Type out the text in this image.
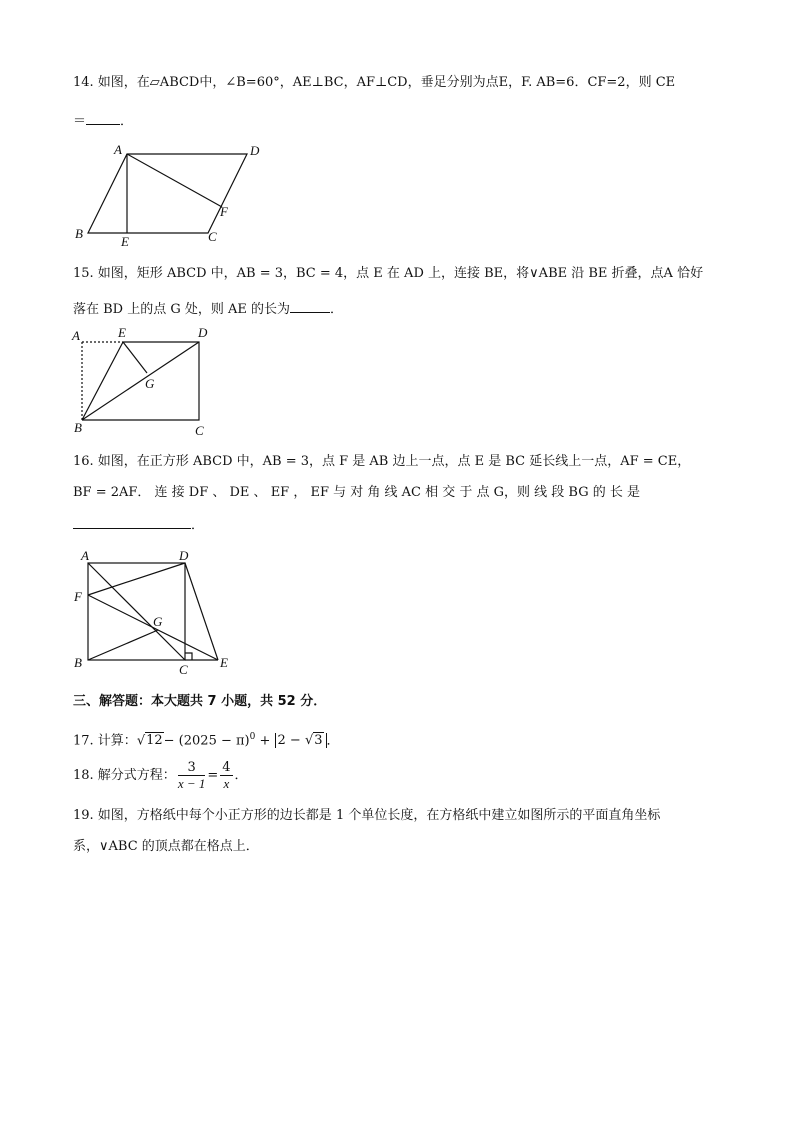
14. 如图，在▱ABCD中，∠B=60°，AE⊥BC，AF⊥CD，垂足分别为点E，F. AB=6．CF=2，则 CE
＝	．
A	D
B
E	C
F
15. 如图，矩形 ABCD 中，AB = 3，BC = 4，点 E 在 AD 上，连接 BE，将∨ABE 沿 BE 折叠，点A 恰好
落在 BD 上的点 G 处，则 AE 的长为	．
A	E	D
G
B	C
16. 如图，在正方形 ABCD 中，AB = 3，点 F 是 AB 边上一点，点 E 是 BC 延长线上一点，AF = CE，
BF = 2AF． 连 接 DF 、 DE 、 EF ， EF 与 对 角 线 AC 相 交 于 点 G，则 线 段 BG 的 长 是
．
A	D
F
G
B	C E
三、解答题：本大题共 7 小题，共 52 分．
17. 计算：$√12- (2025 - \pi)^0 + 2 - √3$ ．
18. 解分式方程： $\frac{3}{x - 1} = \frac{4}{x}$ ．
19. 如图，方格纸中每个小正方形的边长都是 1 个单位长度，在方格纸中建立如图所示的平面直角坐标
系，∨ABC 的顶点都在格点上．
